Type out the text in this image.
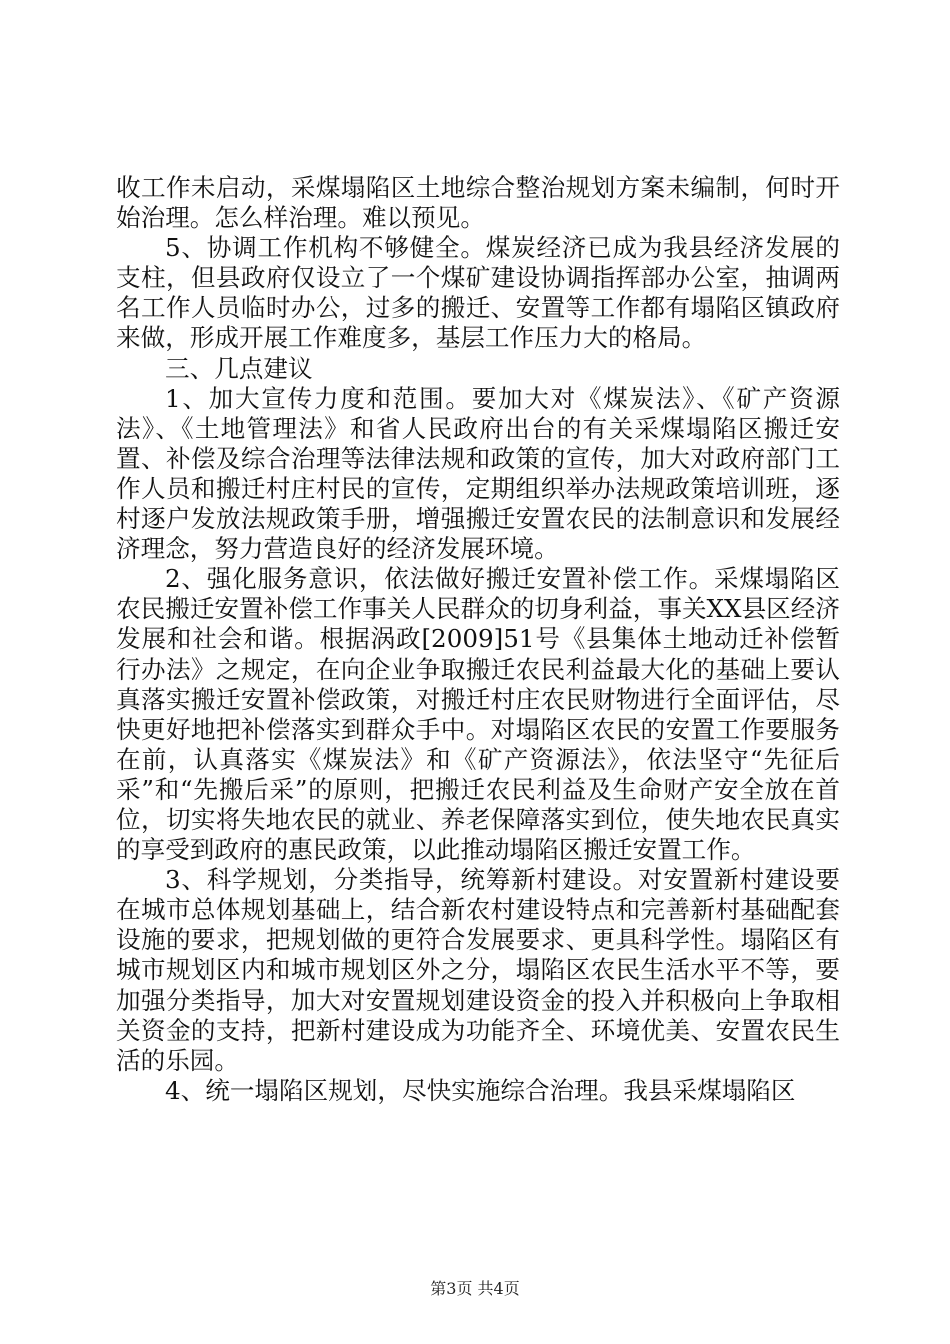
收工作未启动，采煤塌陷区土地综合整治规划方案未编制，何时开始治理。怎么样治理。难以预见。

5、协调工作机构不够健全。煤炭经济已成为我县经济发展的支柱，但县政府仅设立了一个煤矿建设协调指挥部办公室，抽调两名工作人员临时办公，过多的搬迁、安置等工作都有塌陷区镇政府来做，形成开展工作难度多，基层工作压力大的格局。

三、几点建议

1、加大宣传力度和范围。要加大对《煤炭法》、《矿产资源法》、《土地管理法》和省人民政府出台的有关采煤塌陷区搬迁安置、补偿及综合治理等法律法规和政策的宣传，加大对政府部门工作人员和搬迁村庄村民的宣传，定期组织举办法规政策培训班，逐村逐户发放法规政策手册，增强搬迁安置农民的法制意识和发展经济理念，努力营造良好的经济发展环境。

2、强化服务意识，依法做好搬迁安置补偿工作。采煤塌陷区农民搬迁安置补偿工作事关人民群众的切身利益，事关XX县区经济发展和社会和谐。根据涡政[2009]51号《县集体土地动迁补偿暂行办法》之规定，在向企业争取搬迁农民利益最大化的基础上要认真落实搬迁安置补偿政策，对搬迁村庄农民财物进行全面评估，尽快更好地把补偿落实到群众手中。对塌陷区农民的安置工作要服务在前，认真落实《煤炭法》和《矿产资源法》，依法坚守“先征后采”和“先搬后采”的原则，把搬迁农民利益及生命财产安全放在首位，切实将失地农民的就业、养老保障落实到位，使失地农民真实的享受到政府的惠民政策，以此推动塌陷区搬迁安置工作。

3、科学规划，分类指导，统筹新村建设。对安置新村建设要在城市总体规划基础上，结合新农村建设特点和完善新村基础配套设施的要求，把规划做的更符合发展要求、更具科学性。塌陷区有城市规划区内和城市规划区外之分，塌陷区农民生活水平不等，要加强分类指导，加大对安置规划建设资金的投入并积极向上争取相关资金的支持，把新村建设成为功能齐全、环境优美、安置农民生活的乐园。

4、统一塌陷区规划，尽快实施综合治理。我县采煤塌陷区

第3页 共4页
